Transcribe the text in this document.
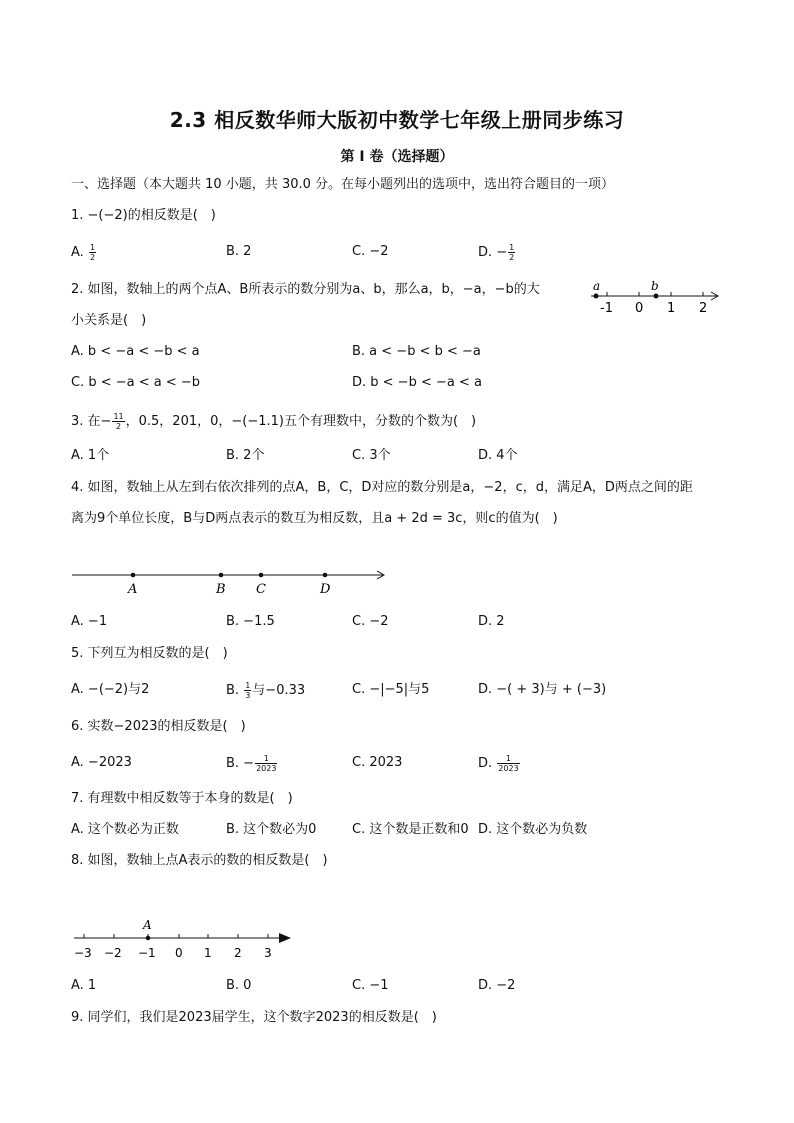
2.3 相反数华师大版初中数学七年级上册同步练习
第 I 卷（选择题）
一、选择题（本大题共 10 小题，共 30.0 分。在每小题列出的选项中，选出符合题目的一项）
1. −(−2)的相反数是(　)
A. $\frac{1}{2}$	B. 2	C. −2	D. − $\frac{1}{2}$
2. 如图，数轴上的两个点A、B所表示的数分别为a、b，那么a，b，−a，−b的大
小关系是(　)
a	b
-1 0 1 2
A. b < −a < −b < a	B. a < −b < b < −a
C. b < −a < a < −b	D. b < −b < −a < a
3. 在− $\frac{11}{2}$ ，0.5，201，0，−(−1.1)五个有理数中，分数的个数为(　)
A. 1个	B. 2个	C. 3个	D. 4个
4. 如图，数轴上从左到右依次排列的点A，B，C，D对应的数分别是a，−2，c，d，满足A，D两点之间的距
离为9个单位长度，B与D两点表示的数互为相反数，且a + 2d = 3c，则c的值为(　)
A	B C	D
A. −1	B. −1.5	C. −2	D. 2
5. 下列互为相反数的是(　)
A. −(−2)与2	B. $\frac{1}{3}$ 与−0.33	C. −|−5|与5	D. −( + 3)与 + (−3)
6. 实数−2023的相反数是(　)
A. −2023	B. − $\frac{1}{2023}$	C. 2023	D. $\frac{1}{2023}$
7. 有理数中相反数等于本身的数是(　)
A. 这个数必为正数	B. 这个数必为0	C. 这个数是正数和0 D. 这个数必为负数
8. 如图，数轴上点A表示的数的相反数是(　)
A
−3 −2 −1 0 1 2 3
A. 1	B. 0	C. −1	D. −2
9. 同学们，我们是2023届学生，这个数字2023的相反数是(　)
